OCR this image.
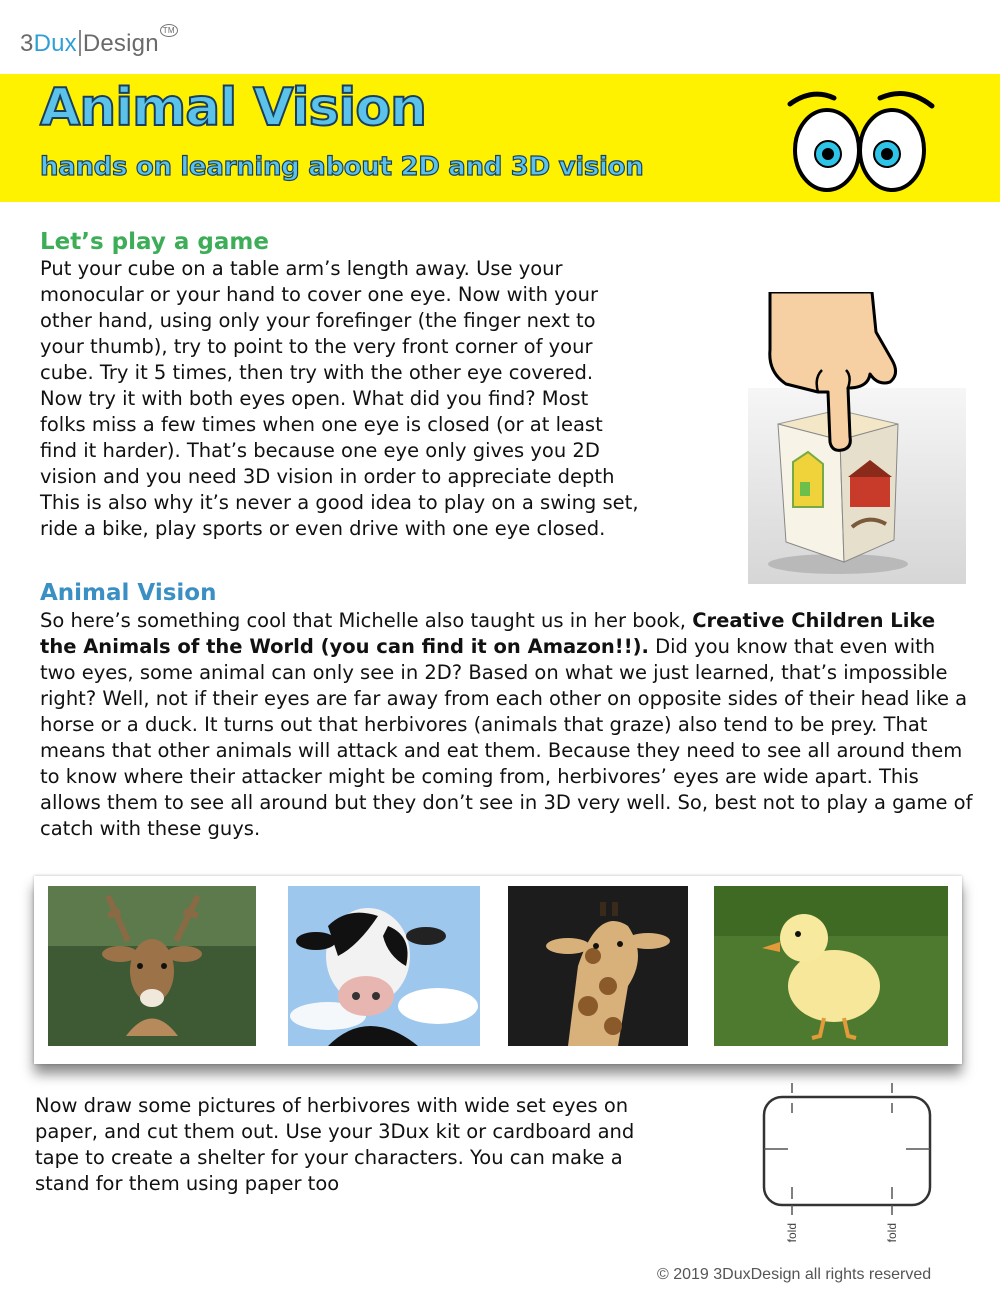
3Dux Design ™
Animal Vision
hands on learning about 2D and 3D vision
Let’s play a game
Put your cube on a table arm’s length away. Use your
monocular or your hand to cover one eye. Now with your
other hand, using only your forefinger (the finger next to
your thumb), try to point to the very front corner of your
cube. Try it 5 times, then try with the other eye covered.
Now try it with both eyes open. What did you find? Most
folks miss a few times when one eye is closed (or at least
find it harder). That’s because one eye only gives you 2D
vision and you need 3D vision in order to appreciate depth
This is also why it’s never a good idea to play on a swing set,
ride a bike, play sports or even drive with one eye closed.
Animal Vision
So here’s something cool that Michelle also taught us in her book, Creative Children Like the Animals of the World (you can find it on Amazon!!). Did you know that even with two eyes, some animal can only see in 2D? Based on what we just learned, that’s impossible right? Well, not if their eyes are far away from each other on opposite sides of their head like a horse or a duck. It turns out that herbivores (animals that graze) also tend to be prey. That means that other animals will attack and eat them. Because they need to see all around them to know where their attacker might be coming from, herbivores’ eyes are wide apart. This allows them to see all around but they don’t see in 3D very well. So, best not to play a game of catch with these guys.
Now draw some pictures of herbivores with wide set eyes on
paper, and cut them out. Use your 3Dux kit or cardboard and
tape to create a shelter for your characters. You can make a
stand for them using paper too
fold	fold
© 2019 3DuxDesign all rights reserved
